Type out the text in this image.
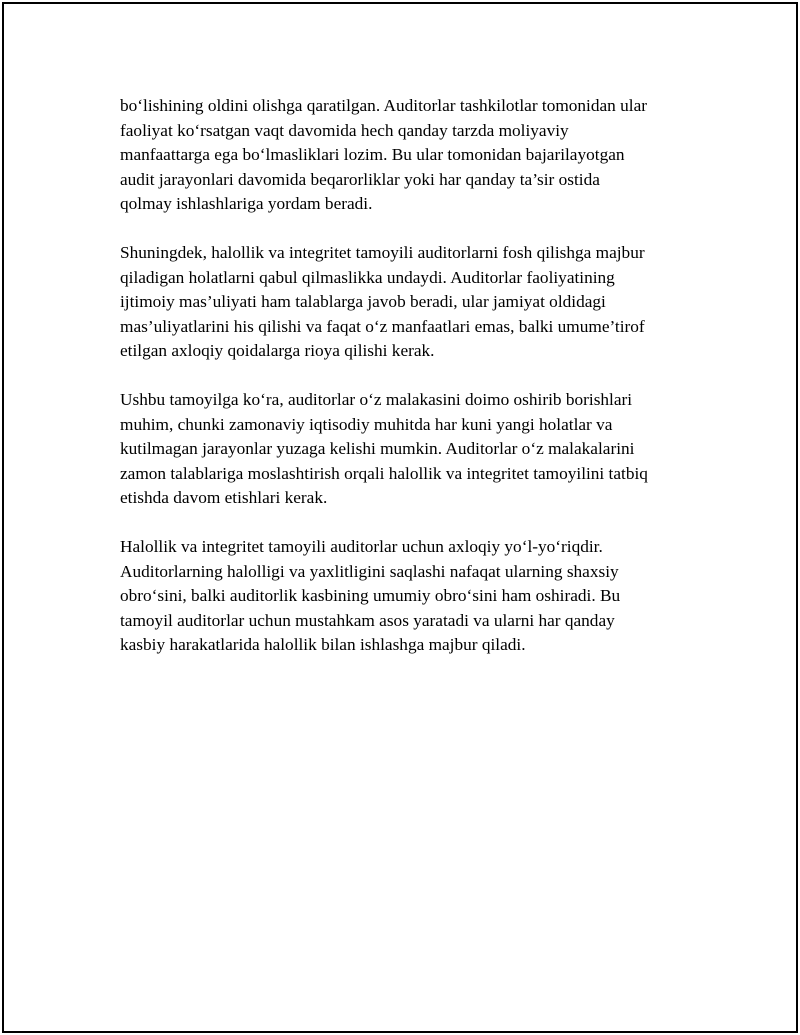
bo‘lishining oldini olishga qaratilgan. Auditorlar tashkilotlar tomonidan ular
faoliyat ko‘rsatgan vaqt davomida hech qanday tarzda moliyaviy
manfaattarga ega bo‘lmasliklari lozim. Bu ular tomonidan bajarilayotgan
audit jarayonlari davomida beqarorliklar yoki har qanday ta’sir ostida
qolmay ishlashlariga yordam beradi.

Shuningdek, halollik va integritet tamoyili auditorlarni fosh qilishga majbur
qiladigan holatlarni qabul qilmaslikka undaydi. Auditorlar faoliyatining
ijtimoiy mas’uliyati ham talablarga javob beradi, ular jamiyat oldidagi
mas’uliyatlarini his qilishi va faqat o‘z manfaatlari emas, balki umume’tirof
etilgan axloqiy qoidalarga rioya qilishi kerak.

Ushbu tamoyilga ko‘ra, auditorlar o‘z malakasini doimo oshirib borishlari
muhim, chunki zamonaviy iqtisodiy muhitda har kuni yangi holatlar va
kutilmagan jarayonlar yuzaga kelishi mumkin. Auditorlar o‘z malakalarini
zamon talablariga moslashtirish orqali halollik va integritet tamoyilini tatbiq
etishda davom etishlari kerak.

Halollik va integritet tamoyili auditorlar uchun axloqiy yo‘l-yo‘riqdir.
Auditorlarning halolligi va yaxlitligini saqlashi nafaqat ularning shaxsiy
obro‘sini, balki auditorlik kasbining umumiy obro‘sini ham oshiradi. Bu
tamoyil auditorlar uchun mustahkam asos yaratadi va ularni har qanday
kasbiy harakatlarida halollik bilan ishlashga majbur qiladi.
